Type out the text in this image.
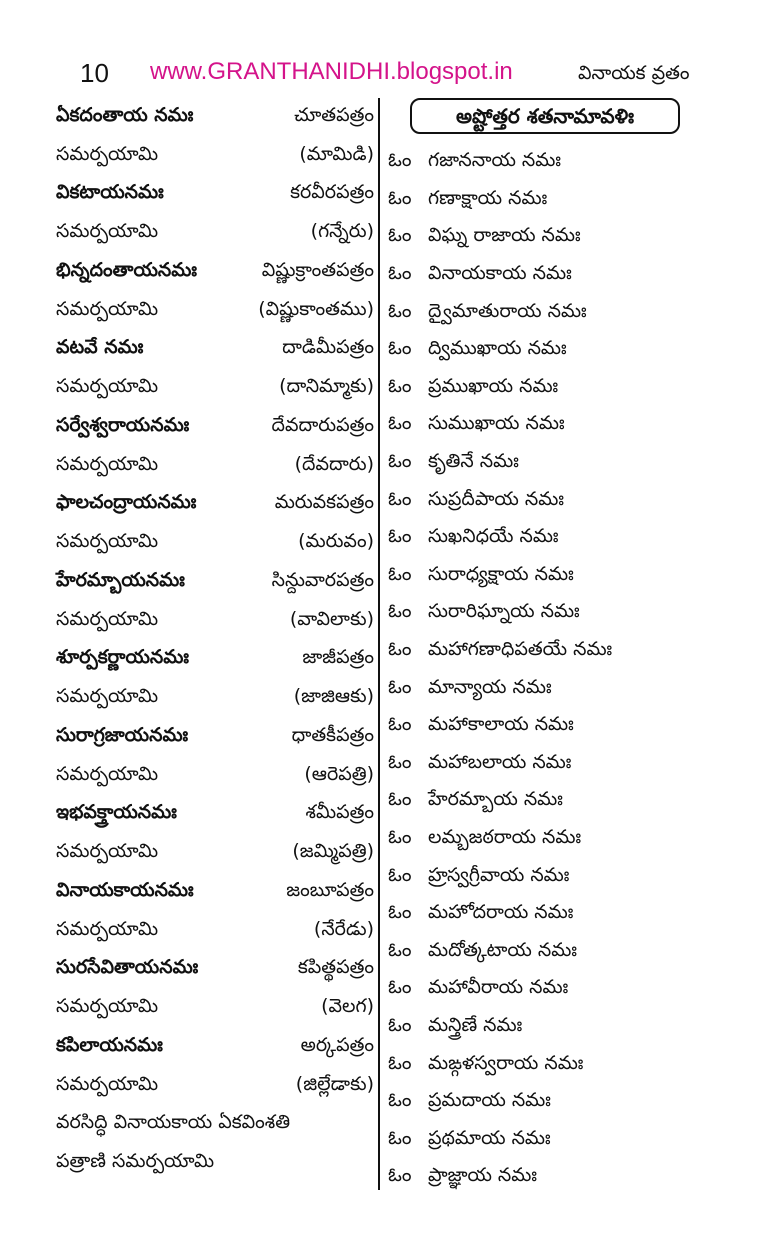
10 www.GRANTHANIDHI.blogspot.in	వినాయక వ్రతం
ఏకదంతాయ నమః	చూతపత్రం
సమర్పయామి	(మామిడి)
వికటాయనమః	కరవీరపత్రం
సమర్పయామి	(గన్నేరు)
భిన్నదంతాయనమః	విష్ణుక్రాంతపత్రం
సమర్పయామి	(విష్ణుకాంతము)
వటవే నమః	దాడిమీపత్రం
సమర్పయామి	(దానిమ్మాకు)
సర్వేశ్వరాయనమః	దేవదారుపత్రం
సమర్పయామి	(దేవదారు)
ఫాలచంద్రాయనమః	మరువకపత్రం
సమర్పయామి	(మరువం)
హేరమ్బాయనమః	సిన్దువారపత్రం
సమర్పయామి	(వావిలాకు)
శూర్పకర్ణాయనమః	జాజీపత్రం
సమర్పయామి	(జాజిఆకు)
సురాగ్రజాయనమః	ధాతకీపత్రం
సమర్పయామి	(ఆరెపత్రి)
ఇభవక్త్రాయనమః	శమీపత్రం
సమర్పయామి	(జమ్మిపత్రి)
వినాయకాయనమః	జంబూపత్రం
సమర్పయామి	(నేరేడు)
సురసేవితాయనమః	కపిత్థపత్రం
సమర్పయామి	(వెలగ)
కపిలాయనమః	అర్కపత్రం
సమర్పయామి	(జిల్లేడాకు)
వరసిద్ధి వినాయకాయ ఏకవింశతి
పత్రాణి సమర్పయామి
అష్టోత్తర శతనామావళిః
ఓం గజాననాయ నమః
ఓం గణాక్షాయ నమః
ఓం విఘ్న రాజాయ నమః
ఓం వినాయకాయ నమః
ఓం ద్వైమాతురాయ నమః
ఓం ద్విముఖాయ నమః
ఓం ప్రముఖాయ నమః
ఓం సుముఖాయ నమః
ఓం కృతినే నమః
ఓం సుప్రదీపాయ నమః
ఓం సుఖనిధయే నమః
ఓం సురాధ్యక్షాయ నమః
ఓం సురారిఘ్నాయ నమః
ఓం మహాగణాధిపతయే నమః
ఓం మాన్యాయ నమః
ఓం మహాకాలాయ నమః
ఓం మహాబలాయ నమః
ఓం హేరమ్బాయ నమః
ఓం లమ్బజఠరాయ నమః
ఓం హ్రస్వగ్రీవాయ నమః
ఓం మహోదరాయ నమః
ఓం మదోత్కటాయ నమః
ఓం మహావీరాయ నమః
ఓం మన్త్రిణే నమః
ఓం మఙ్గళస్వరాయ నమః
ఓం ప్రమదాయ నమః
ఓం ప్రథమాయ నమః
ఓం ప్రాజ్ఞాయ నమః
